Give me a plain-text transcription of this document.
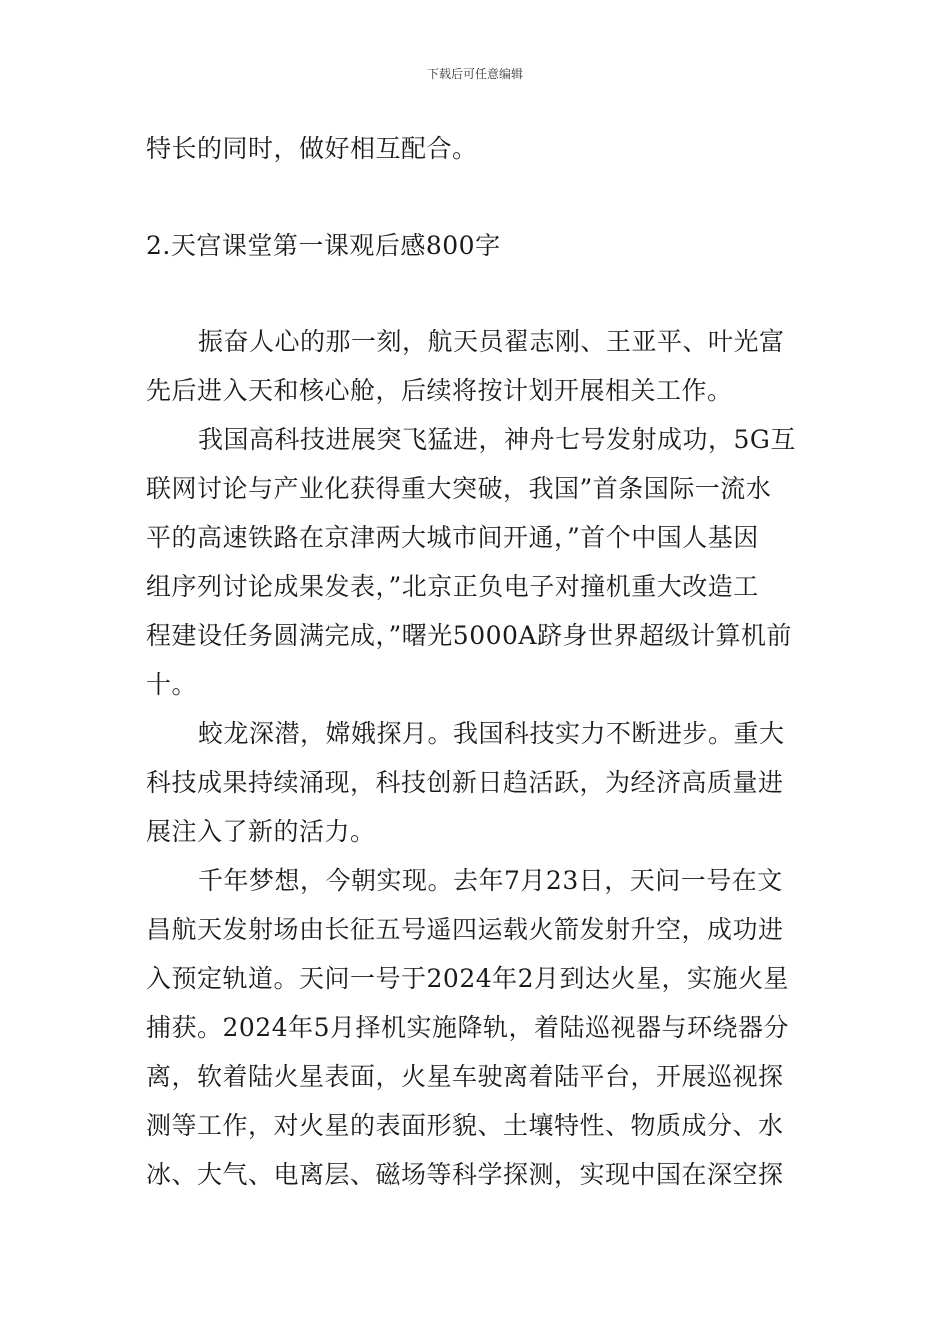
下载后可任意编辑
特长的同时，做好相互配合。
2.天宫课堂第一课观后感800字
振奋人心的那一刻，航天员翟志刚、王亚平、叶光富
先后进入天和核心舱，后续将按计划开展相关工作。
我国高科技进展突飞猛进，神舟七号发射成功，5G互
联网讨论与产业化获得重大突破，我国”首条国际一流水
平的高速铁路在京津两大城市间开通，”首个中国人基因
组序列讨论成果发表，”北京正负电子对撞机重大改造工
程建设任务圆满完成，”曙光5000A跻身世界超级计算机前
十。
蛟龙深潜，嫦娥探月。我国科技实力不断进步。重大
科技成果持续涌现，科技创新日趋活跃，为经济高质量进
展注入了新的活力。
千年梦想，今朝实现。去年7月23日，天问一号在文
昌航天发射场由长征五号遥四运载火箭发射升空，成功进
入预定轨道。天问一号于2024年2月到达火星，实施火星
捕获。2024年5月择机实施降轨，着陆巡视器与环绕器分
离，软着陆火星表面，火星车驶离着陆平台，开展巡视探
测等工作，对火星的表面形貌、土壤特性、物质成分、水
冰、大气、电离层、磁场等科学探测，实现中国在深空探
